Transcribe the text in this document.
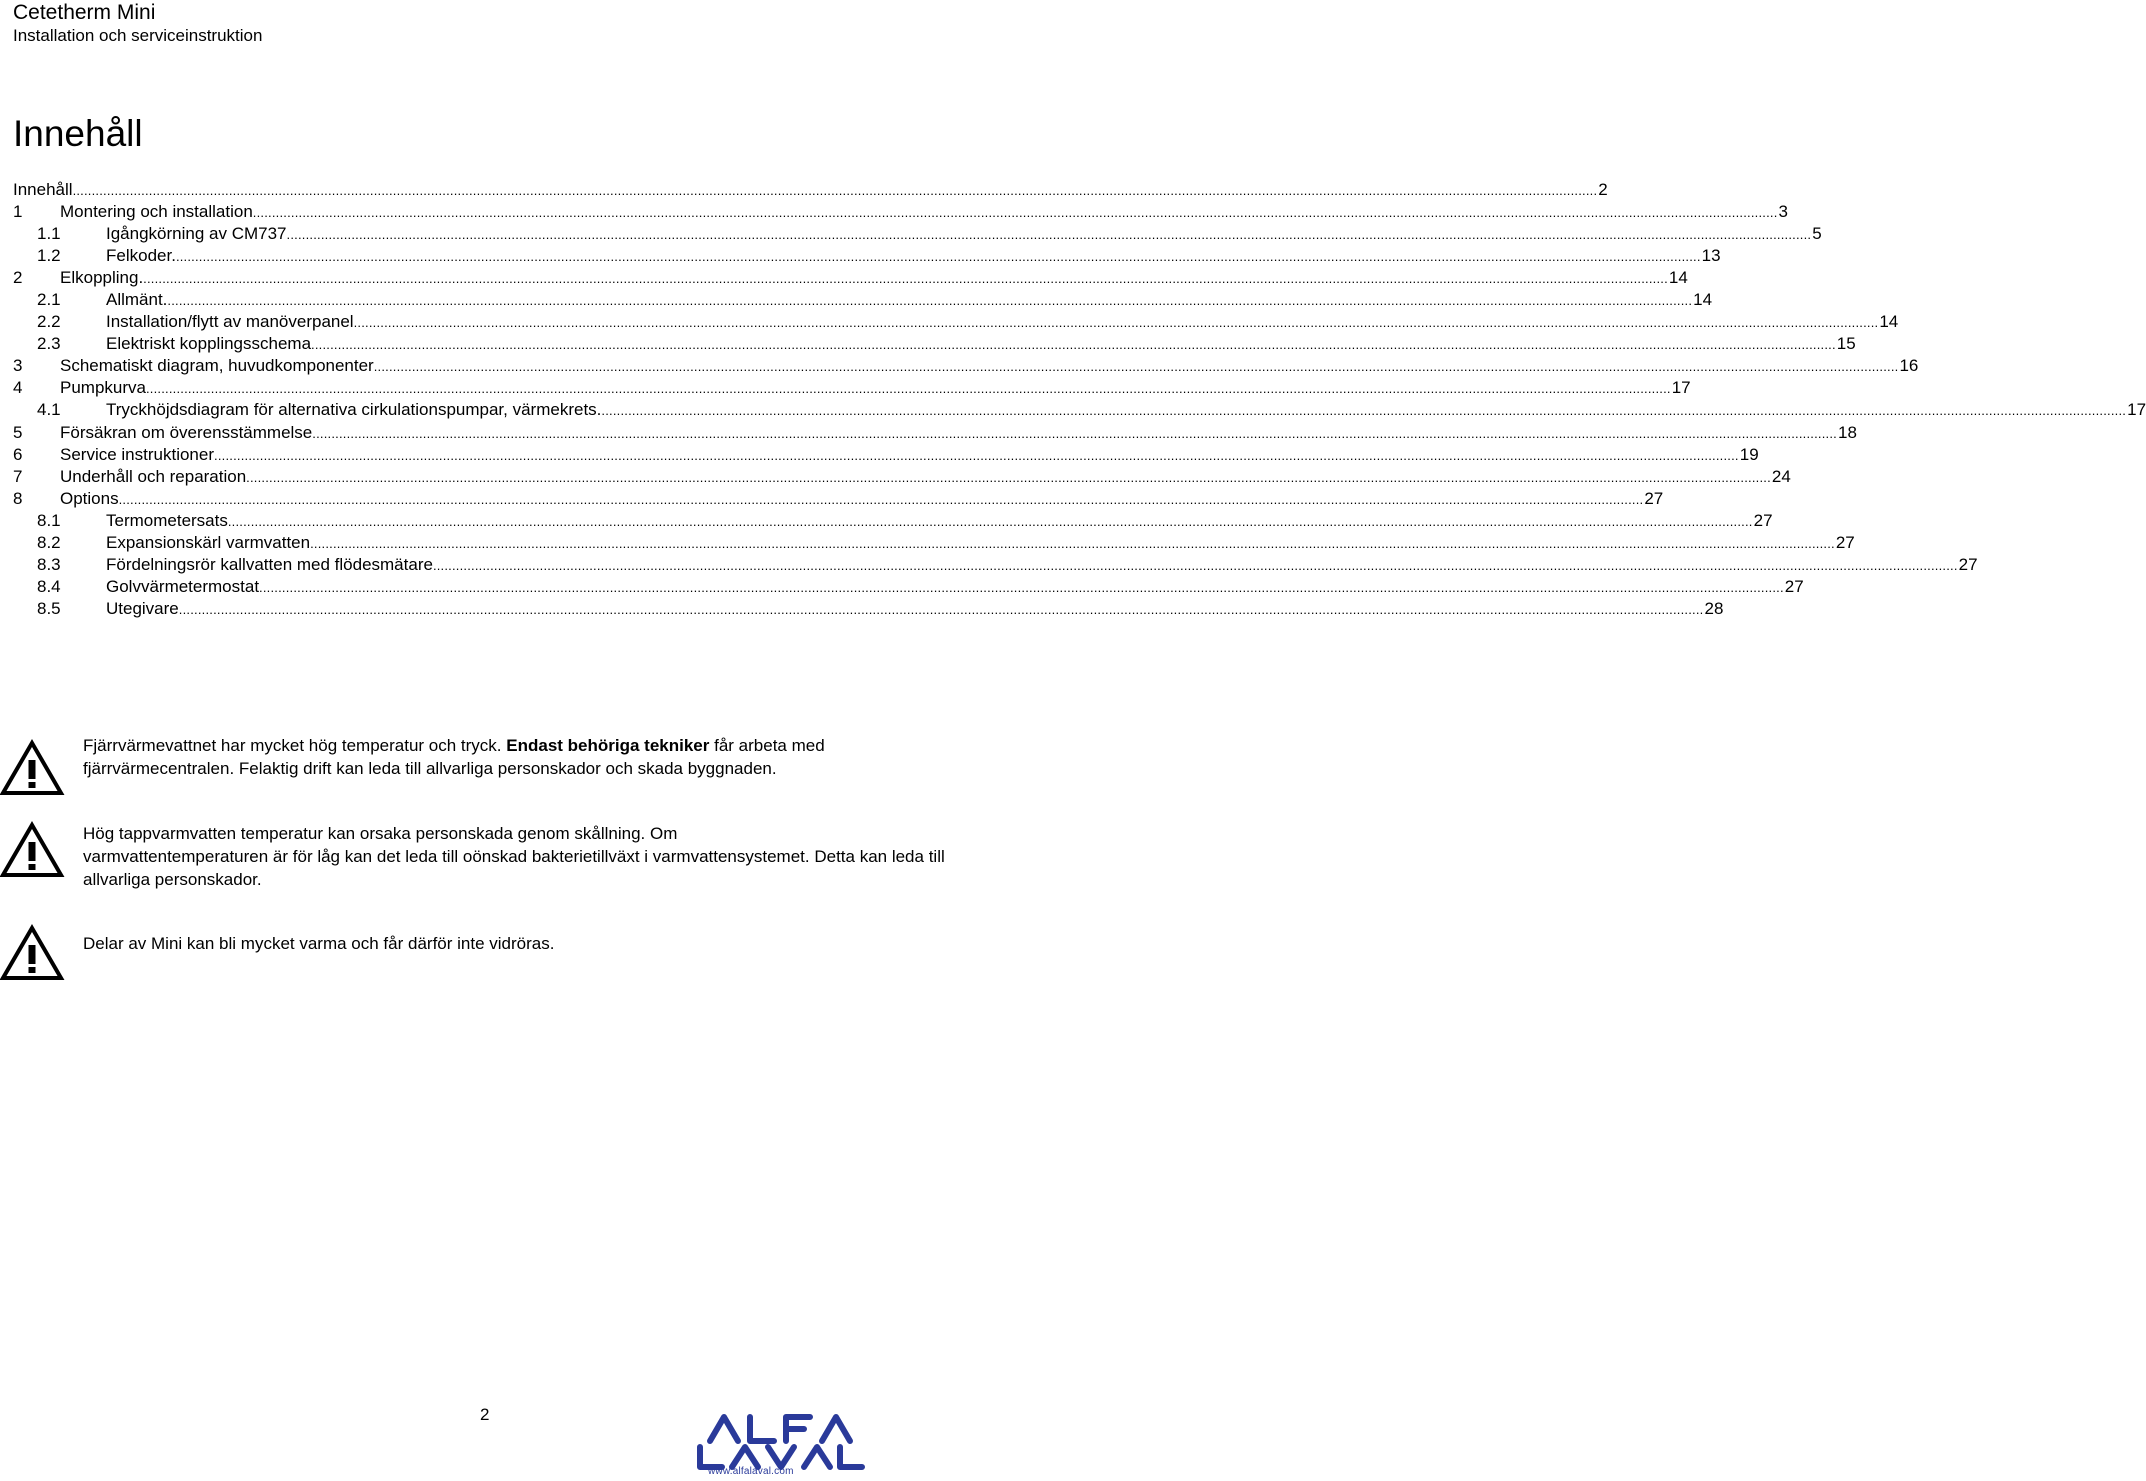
Cetetherm Mini
Installation och serviceinstruktion
Innehåll
Innehåll ................................................................................................................................................................................................................................................................................................................................................................................................................ 2
1 Montering och installation ................................................................................................................................................................................................................................................................................................................................................................................................................ 3
1.1	Igångkörning av CM737 ................................................................................................................................................................................................................................................................................................................................................................................................................ 5
1.2	Felkoder. ................................................................................................................................................................................................................................................................................................................................................................................................................ 13
2 Elkoppling. ................................................................................................................................................................................................................................................................................................................................................................................................................ 14
2.1	Allmänt. ................................................................................................................................................................................................................................................................................................................................................................................................................ 14
2.2	Installation/flytt av manöverpanel ................................................................................................................................................................................................................................................................................................................................................................................................................ 14
2.3	Elektriskt kopplingsschema ................................................................................................................................................................................................................................................................................................................................................................................................................ 15
3 Schematiskt diagram, huvudkomponenter ................................................................................................................................................................................................................................................................................................................................................................................................................ 16
4 Pumpkurva ................................................................................................................................................................................................................................................................................................................................................................................................................ 17
4.1	Tryckhöjdsdiagram för alternativa cirkulationspumpar, värmekrets. ................................................................................................................................................................................................................................................................................................................................................................................................................ 17
5 Försäkran om överensstämmelse ................................................................................................................................................................................................................................................................................................................................................................................................................ 18
6 Service instruktioner ................................................................................................................................................................................................................................................................................................................................................................................................................ 19
7 Underhåll och reparation ................................................................................................................................................................................................................................................................................................................................................................................................................ 24
8 Options ................................................................................................................................................................................................................................................................................................................................................................................................................ 27
8.1	Termometersats ................................................................................................................................................................................................................................................................................................................................................................................................................ 27
8.2	Expansionskärl varmvatten ................................................................................................................................................................................................................................................................................................................................................................................................................ 27
8.3	Fördelningsrör kallvatten med flödesmätare ................................................................................................................................................................................................................................................................................................................................................................................................................ 27
8.4	Golvvärmetermostat ................................................................................................................................................................................................................................................................................................................................................................................................................ 27
8.5	Utegivare ................................................................................................................................................................................................................................................................................................................................................................................................................ 28
Fjärrvärmevattnet har mycket hög temperatur och tryck. Endast behöriga tekniker får arbeta med
fjärrvärmecentralen. Felaktig drift kan leda till allvarliga personskador och skada byggnaden.
Hög tappvarmvatten temperatur kan orsaka personskada genom skållning. Om
varmvattentemperaturen är för låg kan det leda till oönskad bakterietillväxt i varmvattensystemet. Detta kan leda till allvarliga personskador.
Delar av Mini kan bli mycket varma och får därför inte vidröras.
2
www.alfalaval.com
